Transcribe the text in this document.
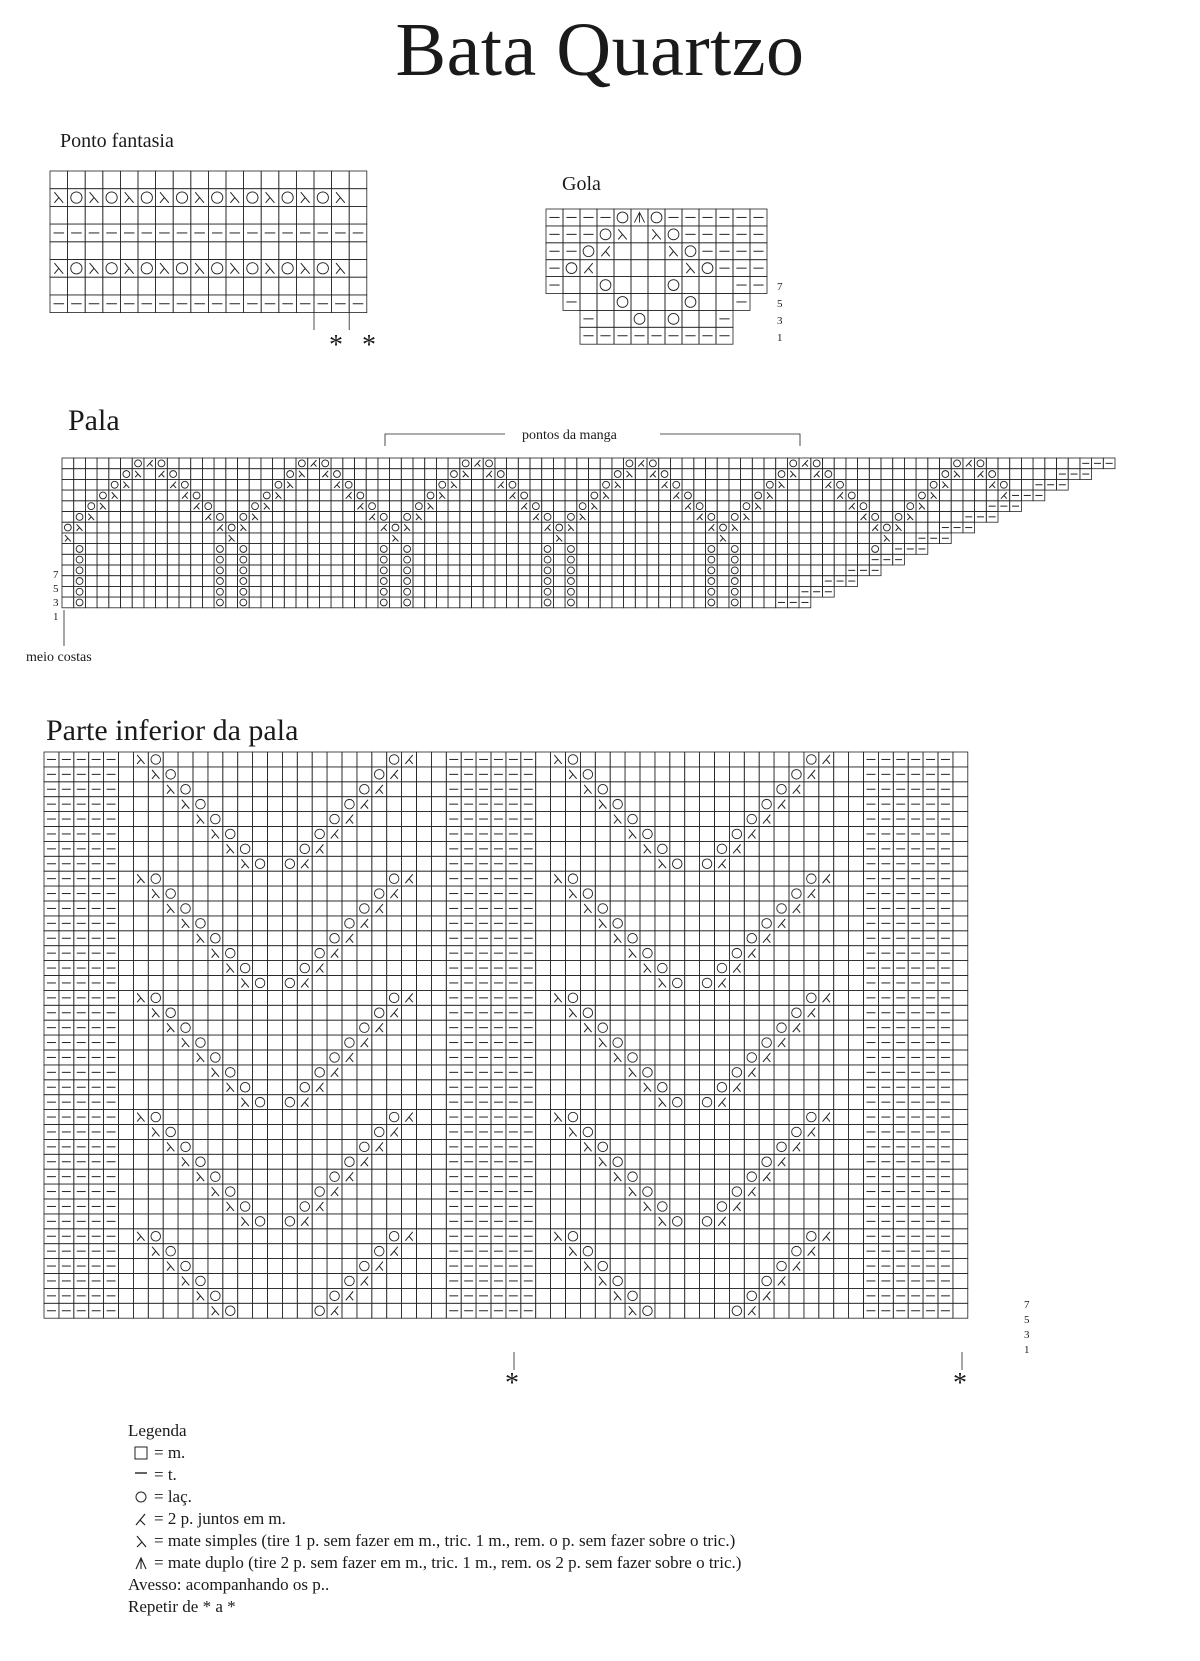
Bata Quartzo
Ponto fantasia
* *
Gola
7
5
3
1
Pala	pontos da manga
7
5
3
1
meio costas
Parte inferior da pala
7
5
3
1
*	*
Legenda
= m.
= t.
= laç.
= 2 p. juntos em m.
= mate simples (tire 1 p. sem fazer em m., tric. 1 m., rem. o p. sem fazer sobre o tric.)
= mate duplo (tire 2 p. sem fazer em m., tric. 1 m., rem. os 2 p. sem fazer sobre o tric.)
Avesso: acompanhando os p..
Repetir de * a *
